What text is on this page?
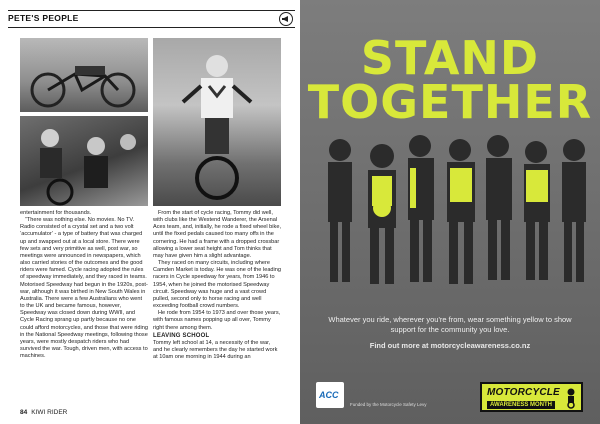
PETE'S PEOPLE

entertainment for thousands.

“There was nothing else. No movies. No TV. Radio consisted of a crystal set and a two volt ‘accumulator’ - a type of battery that was charged up and swapped out at a local store. There were few sets and very primitive as well, post war, so meetings were announced in newspapers, which also carried stories of the outcomes and the good riders were famed. Cycle racing adopted the rules of speedway immediately, and they raced in teams. Motorised Speedway had begun in the 1920s, post-war, although it was birthed in New South Wales in Australia. There were a few Australians who went to the UK and became famous, however, Speedway was closed down during WWII, and Cycle Racing sprang up partly because no one could afford motorcycles, and those that were riding in the National Speedway meetings, following those years, were mostly despatch riders who had survived the war. Tough, driven men, with access to machines.

From the start of cycle racing, Tommy did well, with clubs like the Westend Wanderer, the Arsenal Aces team, and, initially, he rode a fixed wheel bike, until the fixed pedals caused too many offs in the cornering. He had a frame with a dropped crossbar allowing a lower seat height and Tom thinks that may have given him a slight advantage.

They raced on many circuits, including where Camden Market is today. He was one of the leading racers in Cycle speedway for years, from 1946 to 1954, when he joined the motorised Speedway circuit. Speedway was huge and a vast crowd pulled, second only to horse racing and well exceeding football crowd numbers.

He rode from 1954 to 1973 and over those years, with famous names popping up all over, Tommy right there among them.

LEAVING SCHOOL

Tommy left school at 14, a necessity of the war, and he clearly remembers the day he started work at 10am one morning in 1944 during an

84 KIWI RIDER
STAND
TOGETHER
Whatever you ride, wherever you're from, wear something yellow to show support for the community you love.
Find out more at motorcycleawareness.co.nz
ACC
Funded by the Motorcycle Safety Levy
MOTORCYCLE
AWARENESS MONTH
